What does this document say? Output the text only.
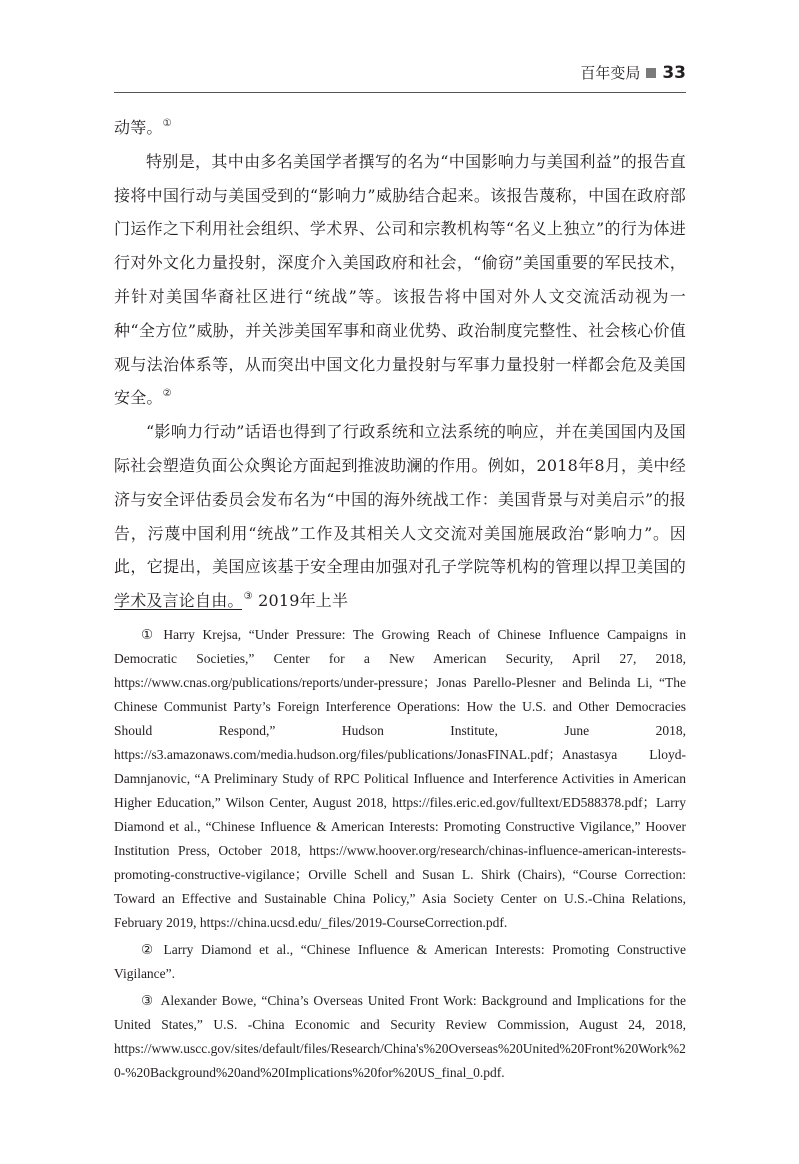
百年变局 33

动等。①

特别是，其中由多名美国学者撰写的名为“中国影响力与美国利益”的报告直接将中国行动与美国受到的“影响力”威胁结合起来。该报告蔑称，中国在政府部门运作之下利用社会组织、学术界、公司和宗教机构等“名义上独立”的行为体进行对外文化力量投射，深度介入美国政府和社会，“偷窃”美国重要的军民技术，并针对美国华裔社区进行“统战”等。该报告将中国对外人文交流活动视为一种“全方位”威胁，并关涉美国军事和商业优势、政治制度完整性、社会核心价值观与法治体系等，从而突出中国文化力量投射与军事力量投射一样都会危及美国安全。②

“影响力行动”话语也得到了行政系统和立法系统的响应，并在美国国内及国际社会塑造负面公众舆论方面起到推波助澜的作用。例如，2018年8月，美中经济与安全评估委员会发布名为“中国的海外统战工作：美国背景与对美启示”的报告，污蔑中国利用“统战”工作及其相关人文交流对美国施展政治“影响力”。因此，它提出，美国应该基于安全理由加强对孔子学院等机构的管理以捍卫美国的学术及言论自由。③ 2019年上半

① Harry Krejsa, “Under Pressure: The Growing Reach of Chinese Influence Campaigns in Democratic Societies,” Center for a New American Security, April 27, 2018, https://www.cnas.org/publications/reports/under-pressure；Jonas Parello-Plesner and Belinda Li, “The Chinese Communist Party’s Foreign Interference Operations: How the U.S. and Other Democracies Should Respond,” Hudson Institute, June 2018, https://s3.amazonaws.com/media.hudson.org/files/publications/JonasFINAL.pdf；Anastasya Lloyd-Damnjanovic, “A Preliminary Study of RPC Political Influence and Interference Activities in American Higher Education,” Wilson Center, August 2018, https://files.eric.ed.gov/fulltext/ED588378.pdf；Larry Diamond et al., “Chinese Influence & American Interests: Promoting Constructive Vigilance,” Hoover Institution Press, October 2018, https://www.hoover.org/research/chinas-influence-american-interests-promoting-constructive-vigilance；Orville Schell and Susan L. Shirk (Chairs), “Course Correction: Toward an Effective and Sustainable China Policy,” Asia Society Center on U.S.-China Relations, February 2019, https://china.ucsd.edu/_files/2019-CourseCorrection.pdf.

② Larry Diamond et al., “Chinese Influence & American Interests: Promoting Constructive Vigilance”.

③ Alexander Bowe, “China’s Overseas United Front Work: Background and Implications for the United States,” U.S. -China Economic and Security Review Commission, August 24, 2018, https://www.uscc.gov/sites/default/files/Research/China's%20Overseas%20United%20Front%20Work%20-%20Background%20and%20Implications%20for%20US_final_0.pdf.
